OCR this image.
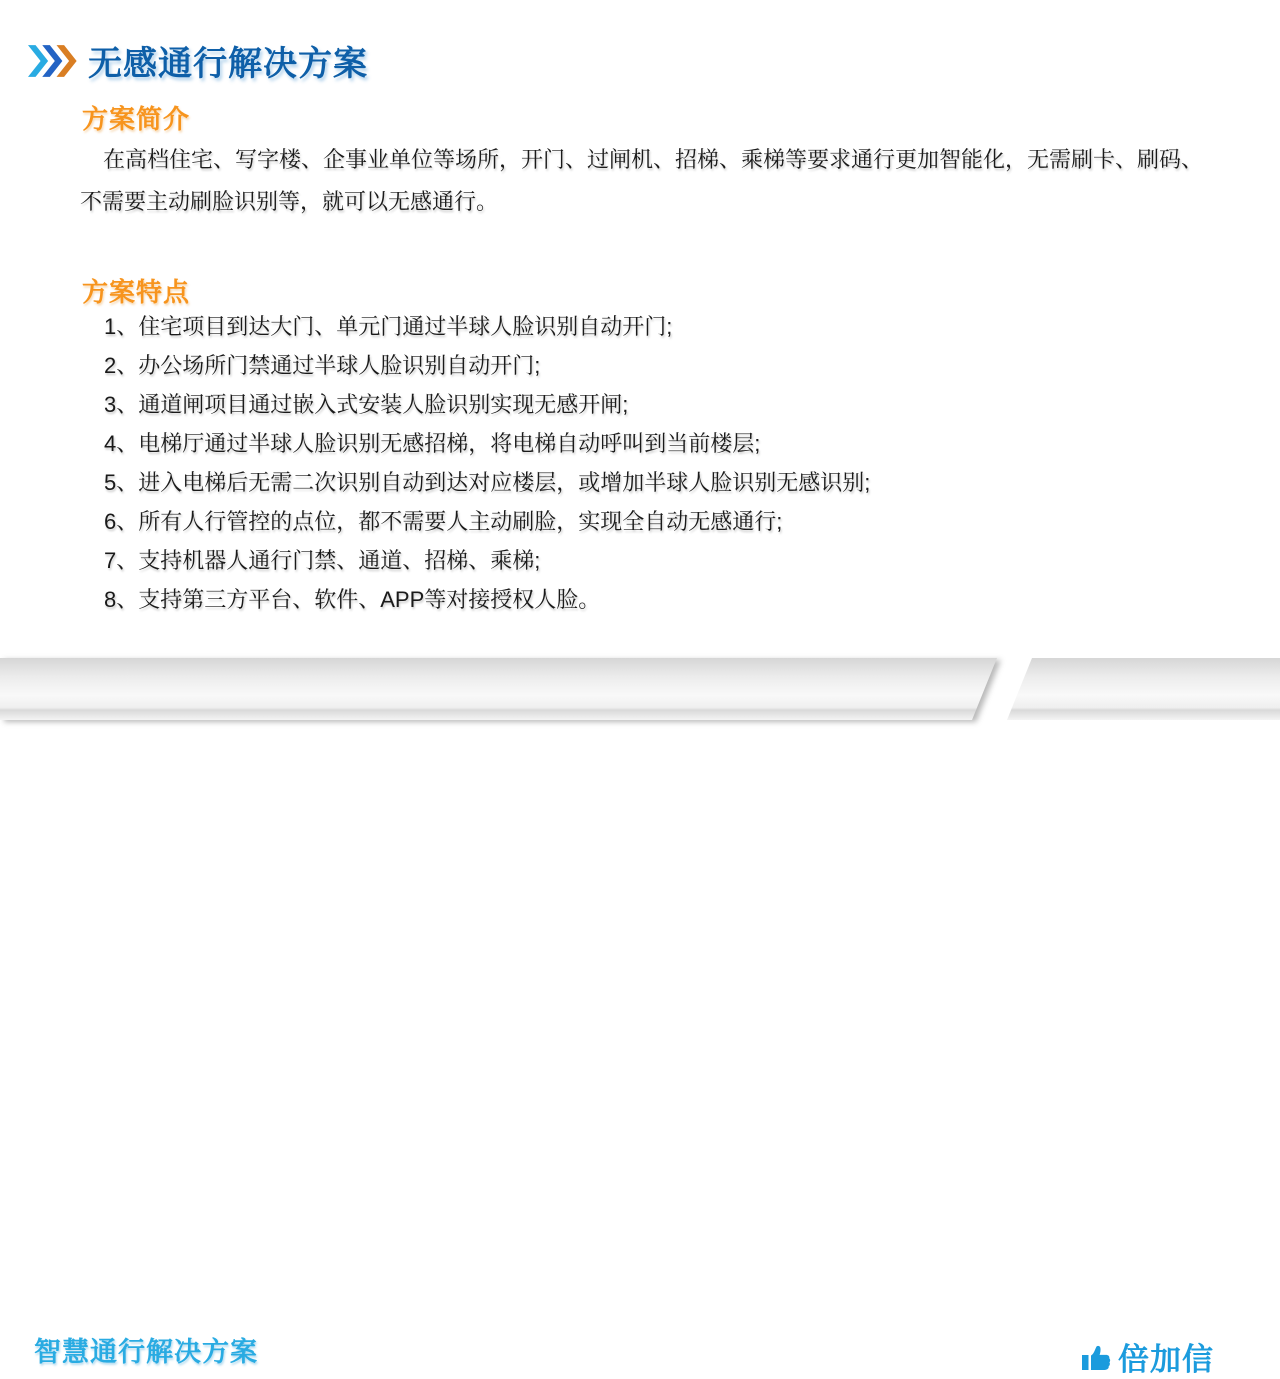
无感通行解决方案
方案简介
在高档住宅、写字楼、企事业单位等场所，开门、过闸机、招梯、乘梯等要求通行更加智能化，无需刷卡、刷码、
不需要主动刷脸识别等，就可以无感通行。
方案特点
1、住宅项目到达大门、单元门通过半球人脸识别自动开门;
2、办公场所门禁通过半球人脸识别自动开门;
3、通道闸项目通过嵌入式安装人脸识别实现无感开闸;
4、电梯厅通过半球人脸识别无感招梯，将电梯自动呼叫到当前楼层;
5、进入电梯后无需二次识别自动到达对应楼层，或增加半球人脸识别无感识别;
6、所有人行管控的点位，都不需要人主动刷脸，实现全自动无感通行;
7、支持机器人通行门禁、通道、招梯、乘梯;
8、支持第三方平台、软件、APP等对接授权人脸。
智慧通行解决方案	倍加信
